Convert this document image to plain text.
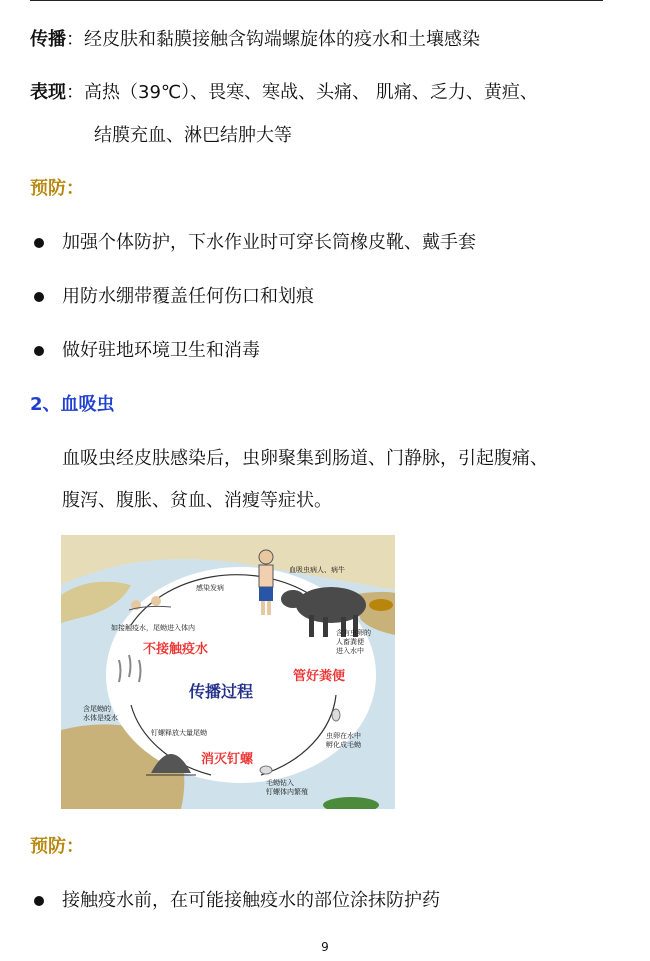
传播：经皮肤和黏膜接触含钩端螺旋体的疫水和土壤感染
表现：高热（39℃）、畏寒、寒战、头痛、 肌痛、乏力、黄疸、
结膜充血、淋巴结肿大等
预防：
加强个体防护，下水作业时可穿长筒橡皮靴、戴手套
用防水绷带覆盖任何伤口和划痕
做好驻地环境卫生和消毒
2、血吸虫
血吸虫经皮肤感染后，虫卵聚集到肠道、门静脉，引起腹痛、
腹泻、腹胀、贫血、消瘦等症状。
感染发病
血吸虫病人、病牛
如接触疫水，尾蚴进入体内
含有虫卵的
人畜粪便
进入水中
含尾蚴的
水体是疫水
钉螺释放大量尾蚴	虫卵在水中
孵化成毛蚴
毛蚴钻入
钉螺体内繁殖
不接触疫水
管好粪便
消灭钉螺
传播过程
预防：
接触疫水前，在可能接触疫水的部位涂抹防护药
9
